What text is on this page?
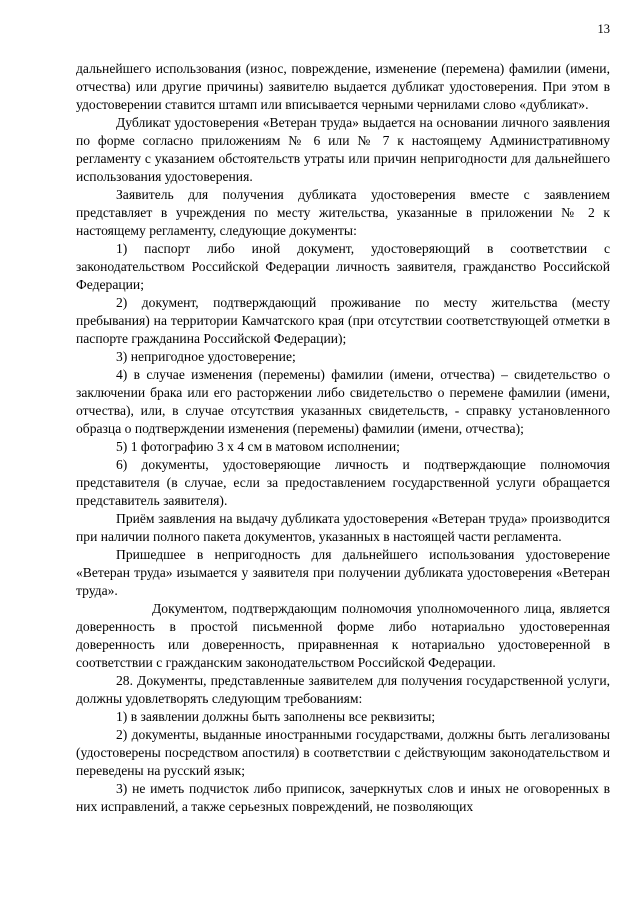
13

дальнейшего использования (износ, повреждение, изменение (перемена) фамилии (имени, отчества) или другие причины) заявителю выдается дубликат удостоверения. При этом в удостоверении ставится штамп или вписывается черными чернилами слово «дубликат».

Дубликат удостоверения «Ветеран труда» выдается на основании личного заявления по форме согласно приложениям № 6 или № 7 к настоящему Административному регламенту с указанием обстоятельств утраты или причин непригодности для дальнейшего использования удостоверения.

Заявитель для получения дубликата удостоверения вместе с заявлением представляет в учреждения по месту жительства, указанные в приложении № 2 к настоящему регламенту, следующие документы:

1) паспорт либо иной документ, удостоверяющий в соответствии с законодательством Российской Федерации личность заявителя, гражданство Российской Федерации;

2) документ, подтверждающий проживание по месту жительства (месту пребывания) на территории Камчатского края (при отсутствии соответствующей отметки в паспорте гражданина Российской Федерации);

3) непригодное удостоверение;

4) в случае изменения (перемены) фамилии (имени, отчества) – свидетельство о заключении брака или его расторжении либо свидетельство о перемене фамилии (имени, отчества), или, в случае отсутствия указанных свидетельств, - справку установленного образца о подтверждении изменения (перемены) фамилии (имени, отчества);

5) 1 фотографию 3 х 4 см в матовом исполнении;

6) документы, удостоверяющие личность и подтверждающие полномочия представителя (в случае, если за предоставлением государственной услуги обращается представитель заявителя).

Приём заявления на выдачу дубликата удостоверения «Ветеран труда» производится при наличии полного пакета документов, указанных в настоящей части регламента.

Пришедшее в непригодность для дальнейшего использования удостоверение «Ветеран труда» изымается у заявителя при получении дубликата удостоверения «Ветеран труда».

Документом, подтверждающим полномочия уполномоченного лица, является доверенность в простой письменной форме либо нотариально удостоверенная доверенность или доверенность, приравненная к нотариально удостоверенной в соответствии с гражданским законодательством Российской Федерации.

28. Документы, представленные заявителем для получения государственной услуги, должны удовлетворять следующим требованиям:

1) в заявлении должны быть заполнены все реквизиты;

2) документы, выданные иностранными государствами, должны быть легализованы (удостоверены посредством апостиля) в соответствии с действующим законодательством и переведены на русский язык;

3) не иметь подчисток либо приписок, зачеркнутых слов и иных не оговоренных в них исправлений, а также серьезных повреждений, не позволяющих
